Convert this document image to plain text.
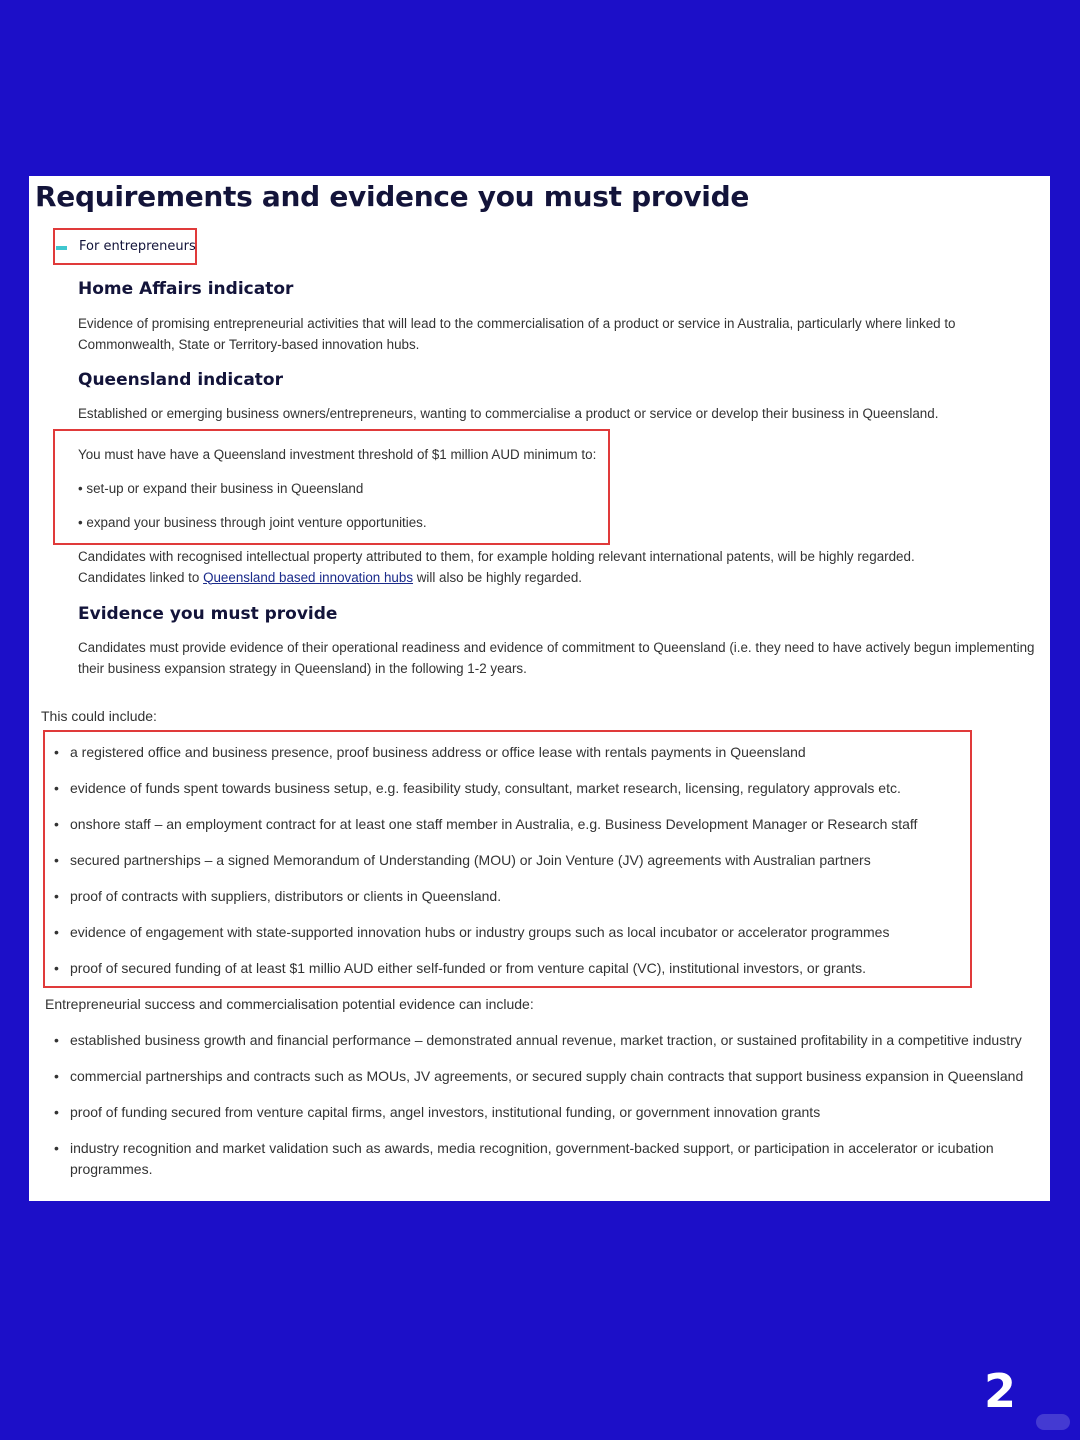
Requirements and evidence you must provide
For entrepreneurs
Home Affairs indicator

Evidence of promising entrepreneurial activities that will lead to the commercialisation of a product or service in Australia, particularly where linked to
Commonwealth, State or Territory-based innovation hubs.

Queensland indicator

Established or emerging business owners/entrepreneurs, wanting to commercialise a product or service or develop their business in Queensland.

You must have have a Queensland investment threshold of $1 million AUD minimum to:

• set-up or expand their business in Queensland

• expand your business through joint venture opportunities.

Candidates with recognised intellectual property attributed to them, for example holding relevant international patents, will be highly regarded.
Candidates linked to Queensland based innovation hubs will also be highly regarded.

Evidence you must provide

Candidates must provide evidence of their operational readiness and evidence of commitment to Queensland (i.e. they need to have actively begun implementing
their business expansion strategy in Queensland) in the following 1-2 years.

This could include:

• a registered office and business presence, proof business address or office lease with rentals payments in Queensland
• evidence of funds spent towards business setup, e.g. feasibility study, consultant, market research, licensing, regulatory approvals etc.
• onshore staff – an employment contract for at least one staff member in Australia, e.g. Business Development Manager or Research staff
• secured partnerships – a signed Memorandum of Understanding (MOU) or Join Venture (JV) agreements with Australian partners
• proof of contracts with suppliers, distributors or clients in Queensland.
• evidence of engagement with state-supported innovation hubs or industry groups such as local incubator or accelerator programmes
• proof of secured funding of at least $1 millio AUD either self-funded or from venture capital (VC), institutional investors, or grants.

Entrepreneurial success and commercialisation potential evidence can include:

• established business growth and financial performance – demonstrated annual revenue, market traction, or sustained profitability in a competitive industry
• commercial partnerships and contracts such as MOUs, JV agreements, or secured supply chain contracts that support business expansion in Queensland
• proof of funding secured from venture capital firms, angel investors, institutional funding, or government innovation grants
• industry recognition and market validation such as awards, media recognition, government-backed support, or participation in accelerator or icubation programmes.
2
